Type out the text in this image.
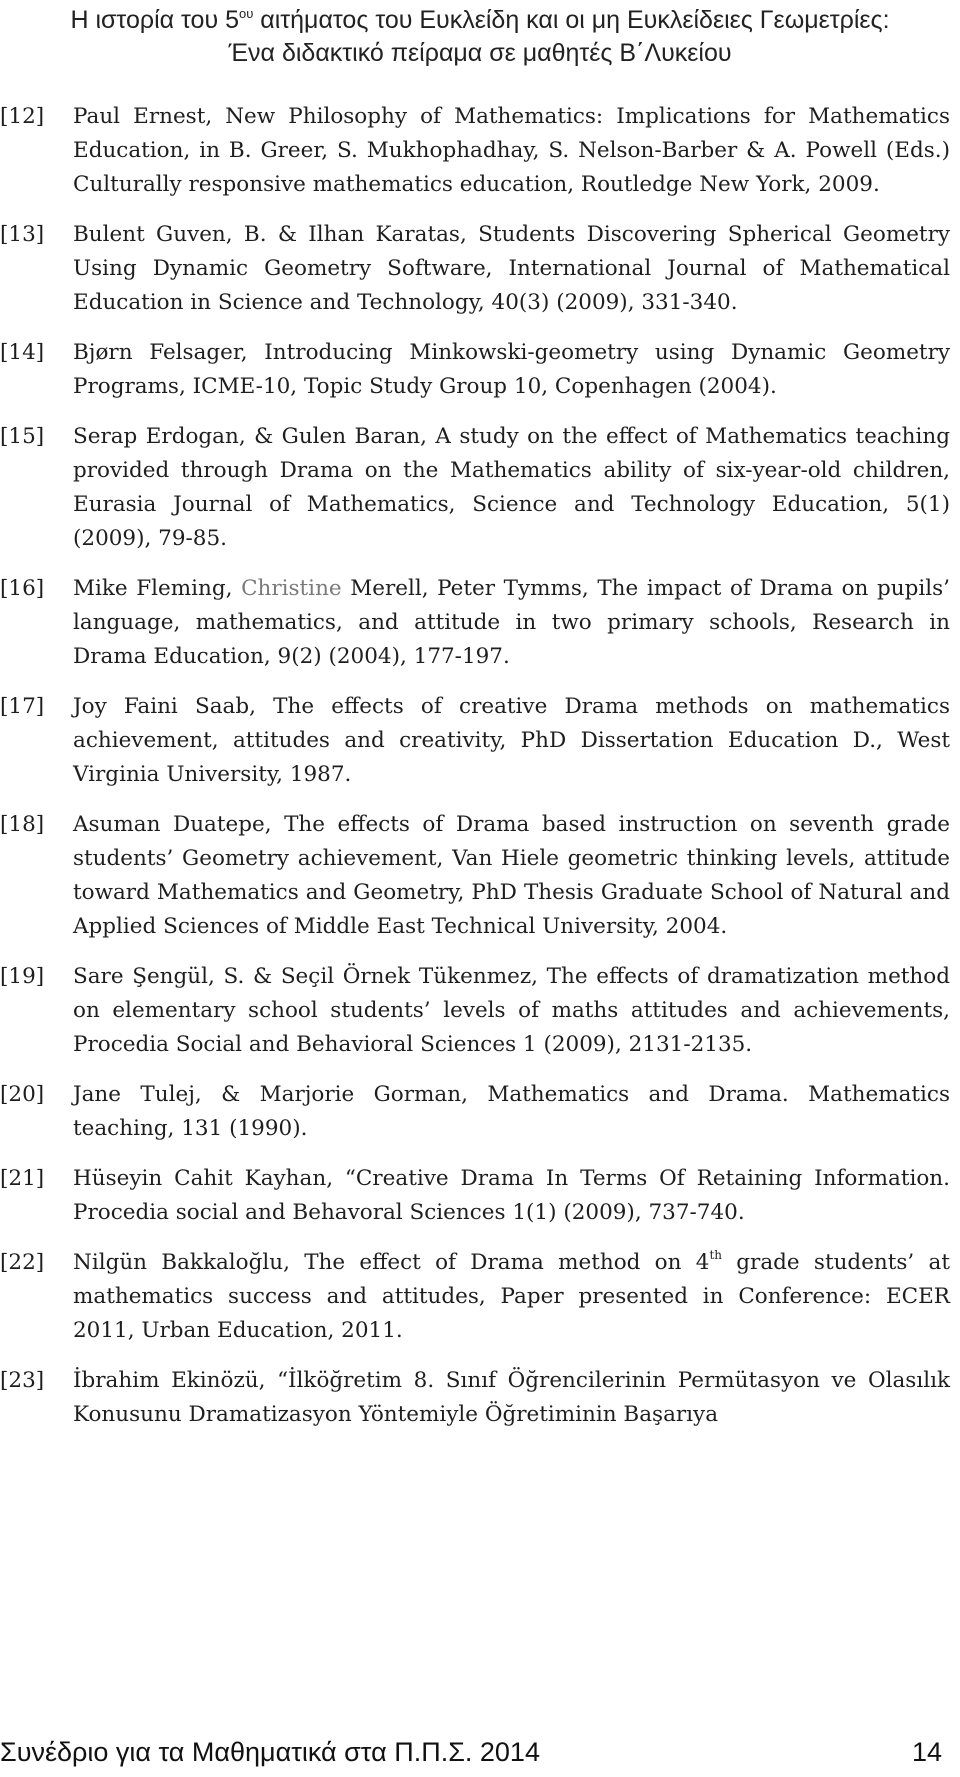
Η ιστορία του $5^{o\upsilon}$ αιτήματος του Ευκλείδη και οι μη Ευκλείδειες Γεωμετρίες:
Ένα διδακτικό πείραμα σε μαθητές Β΄Λυκείου
[12] Paul Ernest, New Philosophy of Mathematics: Implications for Mathematics Education, in B. Greer, S. Mukhophadhay, S. Nelson-Barber & A. Powell (Eds.) Culturally responsive mathematics education, Routledge New York, 2009.
[13] Bulent Guven, B. & Ilhan Karatas, Students Discovering Spherical Geometry Using Dynamic Geometry Software, International Journal of Mathematical Education in Science and Technology, 40(3) (2009), 331-340.
[14] Bjørn Felsager, Introducing Minkowski-geometry using Dynamic Geometry Programs, ICME-10, Topic Study Group 10, Copenhagen (2004).
[15] Serap Erdogan, & Gulen Baran, A study on the effect of Mathematics teaching provided through Drama on the Mathematics ability of six-year-old children, Eurasia Journal of Mathematics, Science and Technology Education, 5(1) (2009), 79-85.
[16] Mike Fleming, Christine Merell, Peter Tymms, The impact of Drama on pupils’ language, mathematics, and attitude in two primary schools, Research in Drama Education, 9(2) (2004), 177-197.
[17] Joy Faini Saab, The effects of creative Drama methods on mathematics achievement, attitudes and creativity, PhD Dissertation Education D., West Virginia University, 1987.
[18] Asuman Duatepe, The effects of Drama based instruction on seventh grade students’ Geometry achievement, Van Hiele geometric thinking levels, attitude toward Mathematics and Geometry, PhD Thesis Graduate School of Natural and Applied Sciences of Middle East Technical University, 2004.
[19] Sare Şengül, S. & Seçil Örnek Tükenmez, The effects of dramatization method on elementary school students’ levels of maths attitudes and achievements, Procedia Social and Behavioral Sciences 1 (2009), 2131-2135.
[20] Jane Tulej, & Marjorie Gorman, Mathematics and Drama. Mathematics teaching, 131 (1990).
[21] Hüseyin Cahit Kayhan, “Creative Drama In Terms Of Retaining Information. Procedia social and Behavoral Sciences 1(1) (2009), 737-740.
[22] Nilgün Bakkaloğlu, The effect of Drama method on 4th grade students’ at mathematics success and attitudes, Paper presented in Conference: ECER 2011, Urban Education, 2011.
[23] İbrahim Ekinözü, “İlköğretim 8. Sınıf Öğrencilerinin Permütasyon ve Olasılık Konusunu Dramatizasyon Yöntemiyle Öğretiminin Başarıya
Συνέδριο για τα Μαθηματικά στα Π.Π.Σ. 2014	14
